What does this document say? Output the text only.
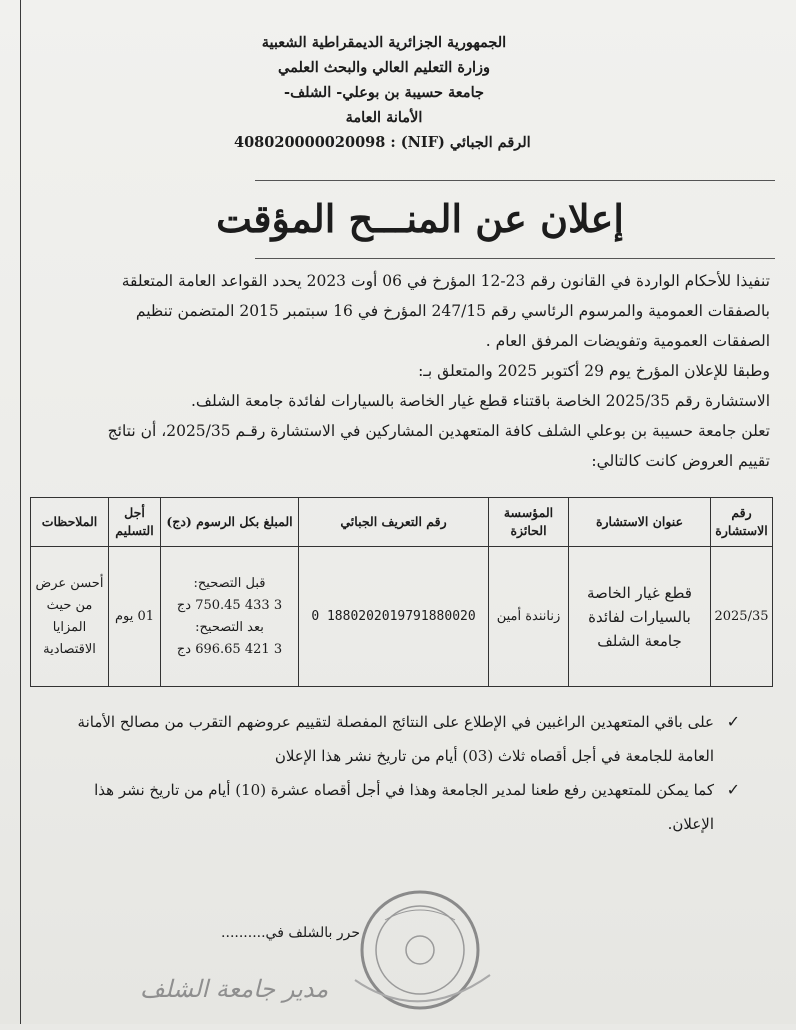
الجمهورية الجزائرية الديمقراطية الشعبية
وزارة التعليم العالي والبحث العلمي
جامعة حسيبة بن بوعلي- الشلف-
الأمانة العامة
الرقم الجبائي (NIF) : 408020000020098
إعلان عن المنـــح المؤقت

تنفيذا للأحكام الواردة في القانون رقم 23-12 المؤرخ في 06 أوت 2023 يحدد القواعد العامة المتعلقة بالصفقات العمومية والمرسوم الرئاسي رقم 247/15 المؤرخ في 16 سبتمبر 2015 المتضمن تنظيم الصفقات العمومية وتفويضات المرفق العام .

وطبقا للإعلان المؤرخ يوم 29 أكتوبر 2025 والمتعلق بـ:

الاستشارة رقم 2025/35 الخاصة باقتناء قطع غيار الخاصة بالسيارات لفائدة جامعة الشلف.

تعلن جامعة حسيبة بن بوعلي الشلف كافة المتعهدين المشاركين في الاستشارة رقـم 2025/35، أن نتائج تقييم العروض كانت كالتالي:

رقم الاستشارة	عنوان الاستشارة	المؤسسة الحائزة	رقم التعريف الجبائي	المبلغ بكل الرسوم (دج)	أجل التسليم	الملاحظات
2025/35	قطع غيار الخاصة بالسيارات لفائدة جامعة الشلف	زنانندة أمين	1880202019791880020 0	قبل التصحيح:
3 433 750.45 دج
بعد التصحيح:
3 421 696.65 دج	01 يوم	أحسن عرض من حيث المزايا الاقتصادية
✓
على باقي المتعهدين الراغبين في الإطلاع على النتائج المفصلة لتقييم عروضهم التقرب من مصالح الأمانة العامة للجامعة في أجل أقصاه ثلاث (03) أيام من تاريخ نشر هذا الإعلان
✓
كما يمكن للمتعهدين رفع طعنا لمدير الجامعة وهذا في أجل أقصاه عشرة (10) أيام من تاريخ نشر هذا الإعلان.
حرر بالشلف في..........
مدير جامعة الشلف
